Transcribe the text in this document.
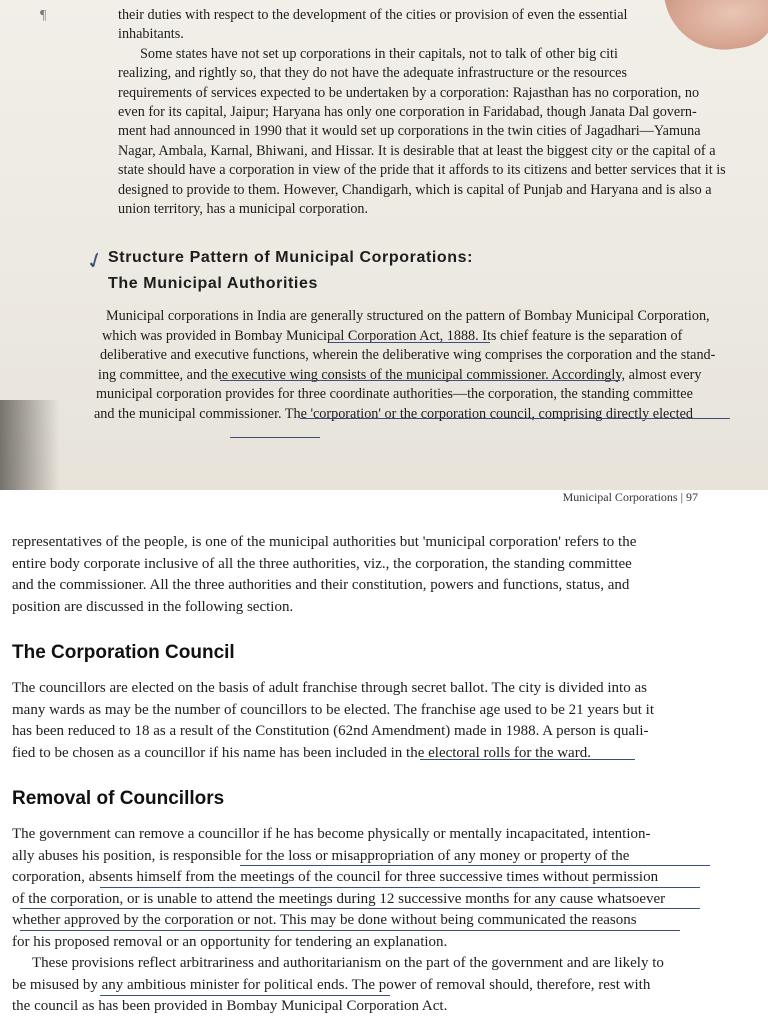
¶
✓

their duties with respect to the development of the cities or provision of even the essential

inhabitants.

Some states have not set up corporations in their capitals, not to talk of other big citi

realizing, and rightly so, that they do not have the adequate infrastructure or the resources

requirements of services expected to be undertaken by a corporation: Rajasthan has no corporation, no

even for its capital, Jaipur; Haryana has only one corporation in Faridabad, though Janata Dal govern-

ment had announced in 1990 that it would set up corporations in the twin cities of Jagadhari—Yamuna

Nagar, Ambala, Karnal, Bhiwani, and Hissar. It is desirable that at least the biggest city or the capital of a

state should have a corporation in view of the pride that it affords to its citizens and better services that it is

designed to provide to them. However, Chandigarh, which is capital of Punjab and Haryana and is also a

union territory, has a municipal corporation.

Structure Pattern of Municipal Corporations:

The Municipal Authorities

Municipal corporations in India are generally structured on the pattern of Bombay Municipal Corporation,

which was provided in Bombay Municipal Corporation Act, 1888. Its chief feature is the separation of

deliberative and executive functions, wherein the deliberative wing comprises the corporation and the stand-

ing committee, and the executive wing consists of the municipal commissioner. Accordingly, almost every

municipal corporation provides for three coordinate authorities—the corporation, the standing committee

and the municipal commissioner. The 'corporation' or the corporation council, comprising directly elected

Municipal Corporations | 97

representatives of the people, is one of the municipal authorities but 'municipal corporation' refers to the

entire body corporate inclusive of all the three authorities, viz., the corporation, the standing committee

and the commissioner. All the three authorities and their constitution, powers and functions, status, and

position are discussed in the following section.

The Corporation Council

The councillors are elected on the basis of adult franchise through secret ballot. The city is divided into as

many wards as may be the number of councillors to be elected. The franchise age used to be 21 years but it

has been reduced to 18 as a result of the Constitution (62nd Amendment) made in 1988. A person is quali-

fied to be chosen as a councillor if his name has been included in the electoral rolls for the ward.

Removal of Councillors

The government can remove a councillor if he has become physically or mentally incapacitated, intention-

ally abuses his position, is responsible for the loss or misappropriation of any money or property of the

corporation, absents himself from the meetings of the council for three successive times without permission

of the corporation, or is unable to attend the meetings during 12 successive months for any cause whatsoever

whether approved by the corporation or not. This may be done without being communicated the reasons

for his proposed removal or an opportunity for tendering an explanation.

These provisions reflect arbitrariness and authoritarianism on the part of the government and are likely to

be misused by any ambitious minister for political ends. The power of removal should, therefore, rest with

the council as has been provided in Bombay Municipal Corporation Act.
